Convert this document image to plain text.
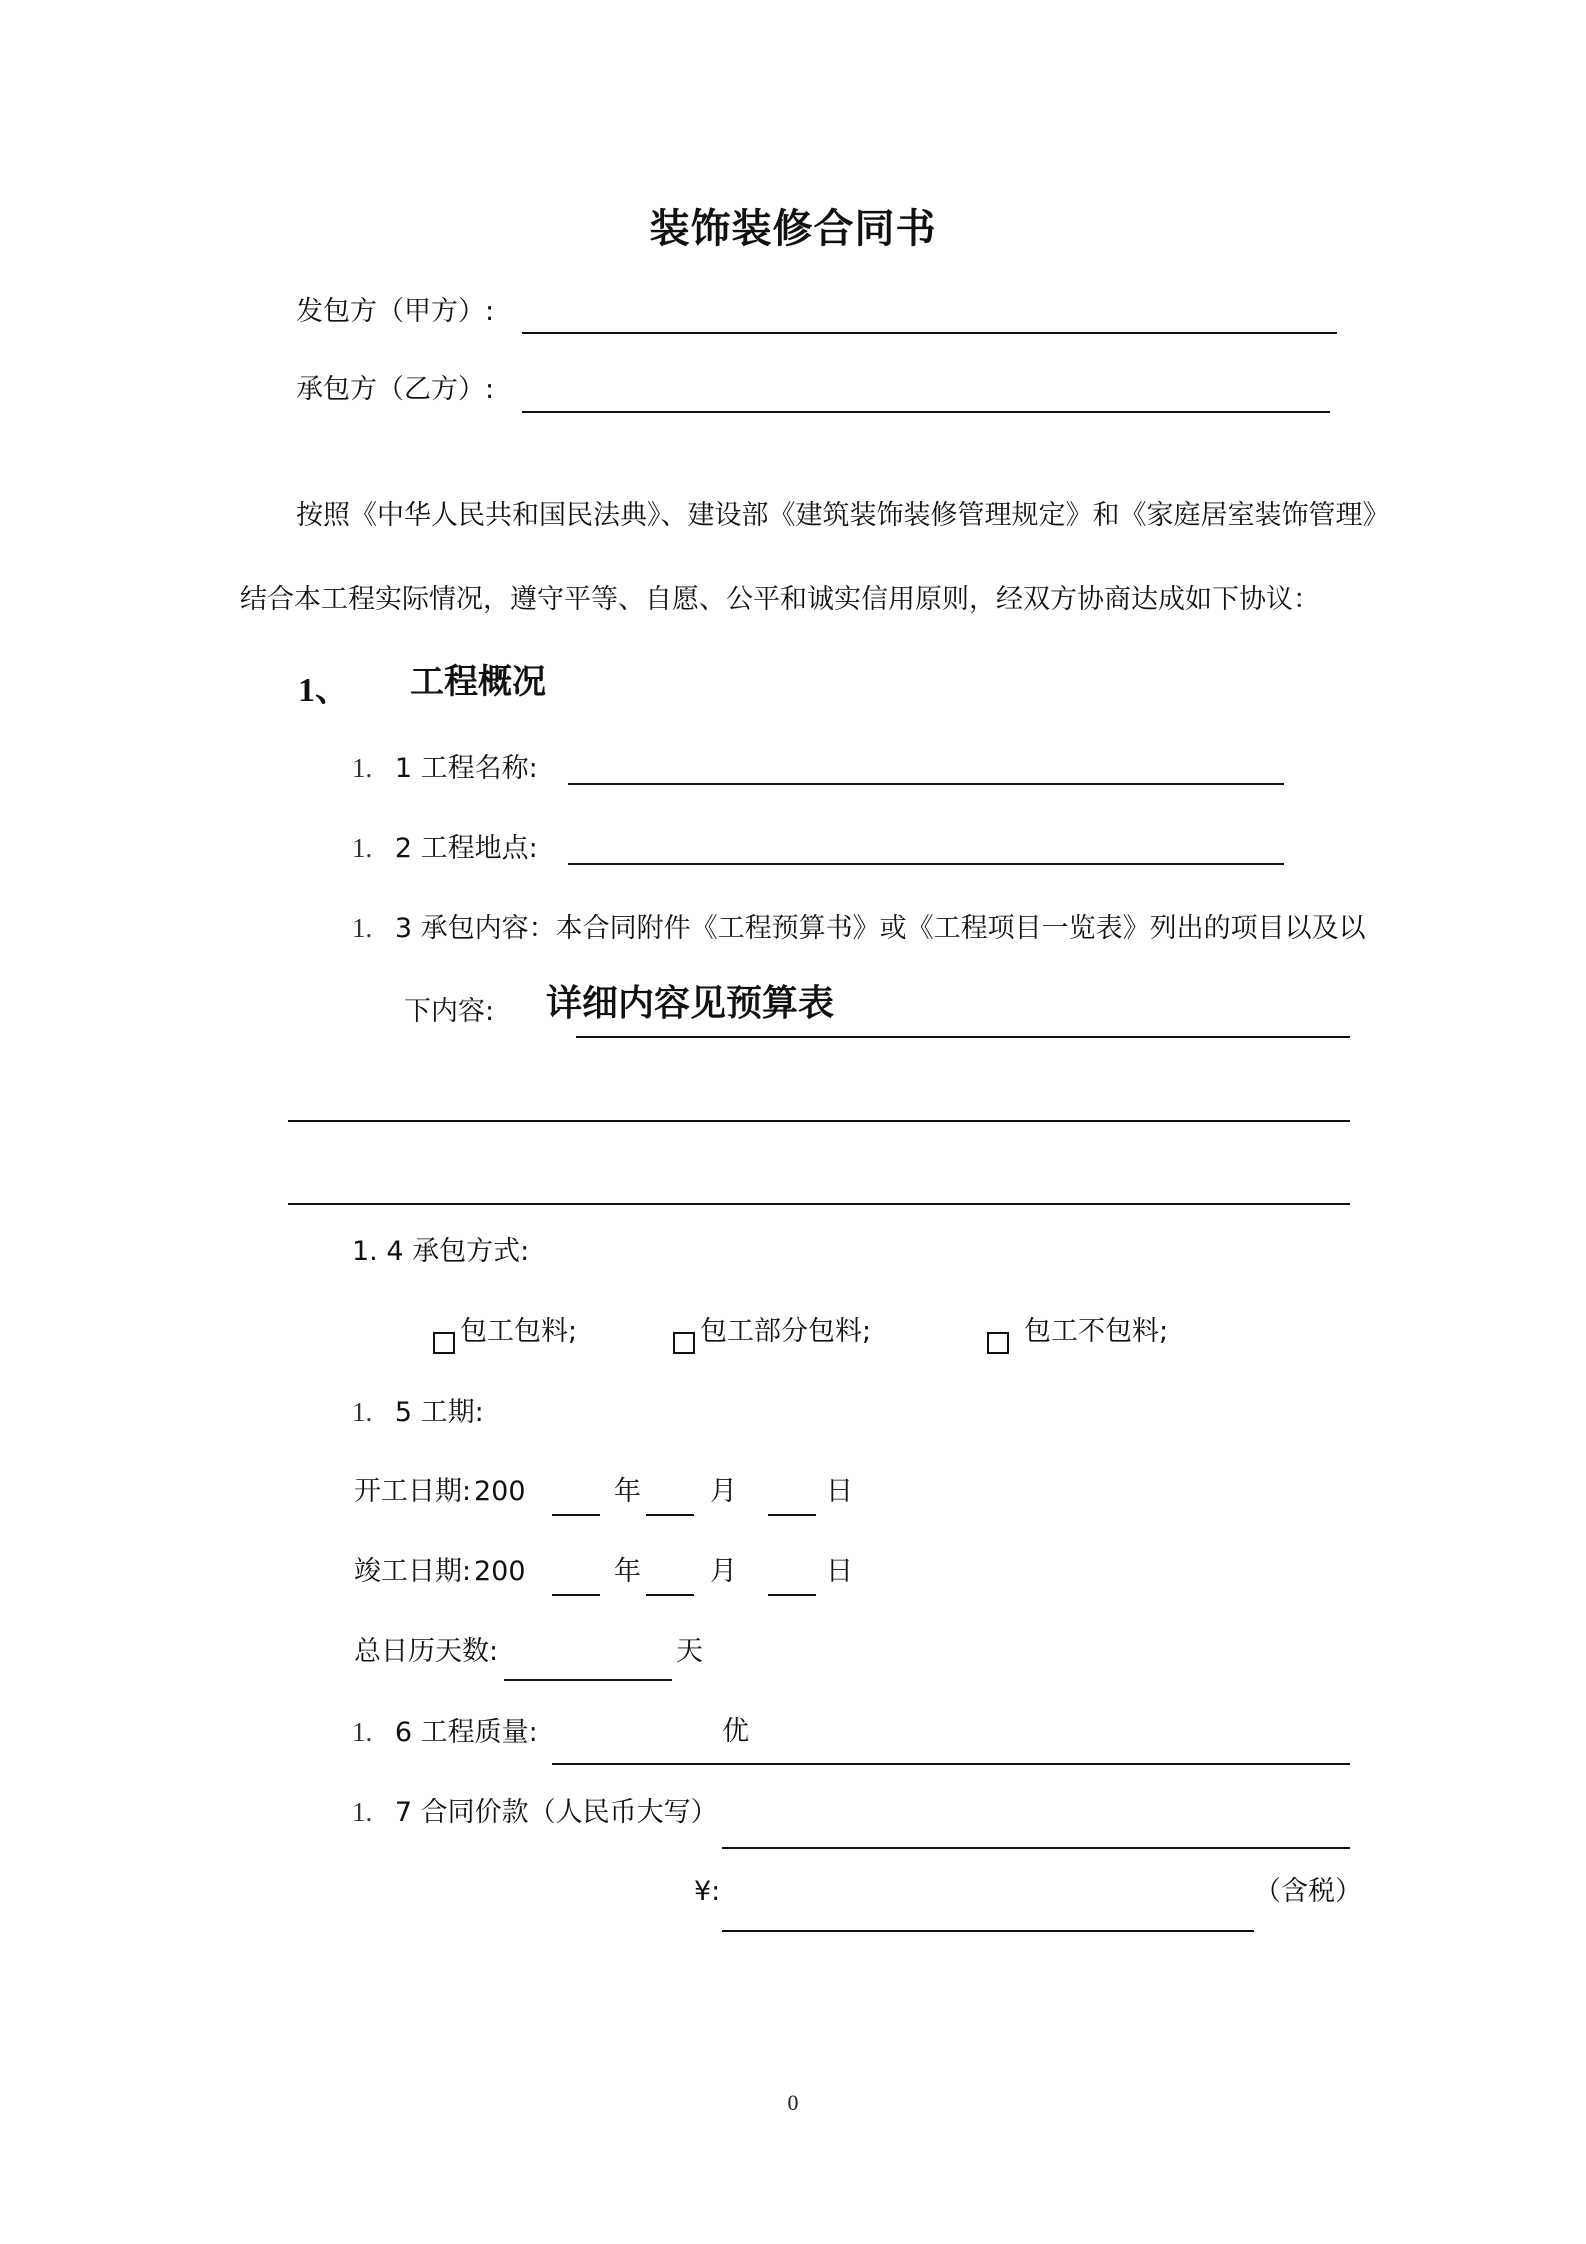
装饰装修合同书
发包方（甲方）:
承包方（乙方）:
按照《中华人民共和国民法典》、建设部《建筑装饰装修管理规定》和《家庭居室装饰管理》
结合本工程实际情况，遵守平等、自愿、公平和诚实信用原则，经双方协商达成如下协议：
1、 工程概况
1. 1 工程名称:
1. 2 工程地点:
1. 3 承包内容：本合同附件《工程预算书》或《工程项目一览表》列出的项目以及以
下内容: 详细内容见预算表
1. 4 承包方式:
包工包料;	包工部分包料;	包工不包料;
1. 5 工期:
开工日期: 200	年	月	日
竣工日期: 200	年	月	日
总日历天数:	天
1. 6 工程质量:	优
1. 7 合同价款（人民币大写）
¥:	（含税）
0
